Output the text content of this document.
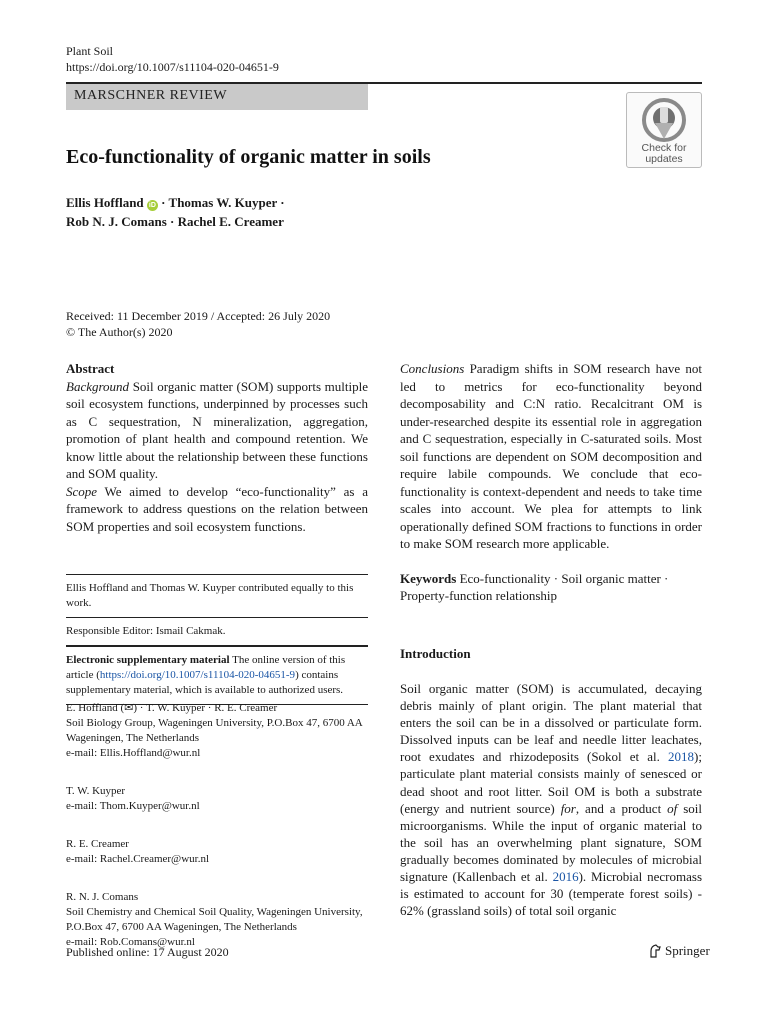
Plant Soil
https://doi.org/10.1007/s11104-020-04651-9
MARSCHNER REVIEW
Check for
updates
Eco-functionality of organic matter in soils
Ellis Hoffland iD · Thomas W. Kuyper ·
Rob N. J. Comans · Rachel E. Creamer
Received: 11 December 2019 / Accepted: 26 July 2020
© The Author(s) 2020
Abstract

Background Soil organic matter (SOM) supports multiple soil ecosystem functions, underpinned by processes such as C sequestration, N mineralization, aggregation, promotion of plant health and compound retention. We know little about the relationship between these functions and SOM quality.

Scope We aimed to develop “eco-functionality” as a framework to address questions on the relation between SOM properties and soil ecosystem functions.

Conclusions Paradigm shifts in SOM research have not led to metrics for eco-functionality beyond decomposability and C:N ratio. Recalcitrant OM is under-researched despite its essential role in aggregation and C sequestration, especially in C-saturated soils. Most soil functions are dependent on SOM decomposition and require labile compounds. We conclude that eco-functionality is context-dependent and needs to take time scales into account. We plea for attempts to link operationally defined SOM fractions to functions in order to make SOM research more applicable.

Keywords Eco-functionality · Soil organic matter · Property-function relationship

Ellis Hoffland and Thomas W. Kuyper contributed equally to this work.
Responsible Editor: Ismail Cakmak.
Electronic supplementary material The online version of this article (https://doi.org/10.1007/s11104-020-04651-9) contains supplementary material, which is available to authorized users.
E. Hoffland (✉) · T. W. Kuyper · R. E. Creamer
Soil Biology Group, Wageningen University, P.O.Box 47, 6700 AA Wageningen, The Netherlands
e-mail: Ellis.Hoffland@wur.nl
T. W. Kuyper
e-mail: Thom.Kuyper@wur.nl
R. E. Creamer
e-mail: Rachel.Creamer@wur.nl
R. N. J. Comans
Soil Chemistry and Chemical Soil Quality, Wageningen University, P.O.Box 47, 6700 AA Wageningen, The Netherlands
e-mail: Rob.Comans@wur.nl
Introduction

Soil organic matter (SOM) is accumulated, decaying debris mainly of plant origin. The plant material that enters the soil can be in a dissolved or particulate form. Dissolved inputs can be leaf and needle litter leachates, root exudates and rhizodeposits (Sokol et al. 2018); particulate plant material consists mainly of senesced or dead shoot and root litter. Soil OM is both a substrate (energy and nutrient source) for, and a product of soil microorganisms. While the input of organic material to the soil has an overwhelming plant signature, SOM gradually becomes dominated by molecules of microbial signature (Kallenbach et al. 2016). Microbial necromass is estimated to account for 30 (temperate forest soils) - 62% (grassland soils) of total soil organic

Published online: 17 August 2020	Springer
